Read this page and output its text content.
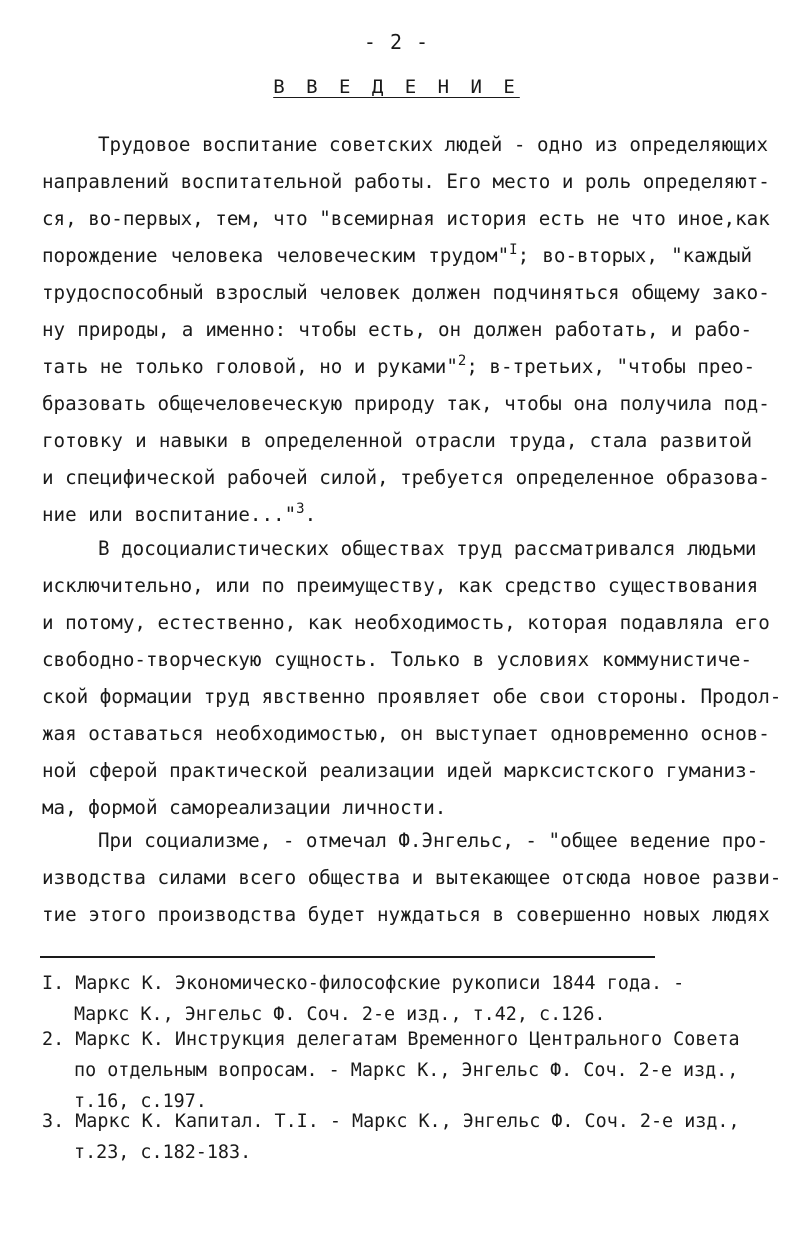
- 2 -
В В Е Д Е Н И Е
Трудовое воспитание советских людей - одно из определяющих
направлений воспитательной работы. Его место и роль определяют-
ся, во-первых, тем, что "всемирная история есть не что иное,как
порождение человека человеческим трудом"$^I$; во-вторых, "каждый
трудоспособный взрослый человек должен подчиняться общему зако-
ну природы, а именно: чтобы есть, он должен работать, и рабо-
тать не только головой, но и руками"$^2$; в-третьих, "чтобы прео-
бразовать общечеловеческую природу так, чтобы она получила под-
готовку и навыки в определенной отрасли труда, стала развитой
и специфической рабочей силой, требуется определенное образова-
ние или воспитание..."$^3$.
В досоциалистических обществах труд рассматривался людьми
исключительно, или по преимуществу, как средство существования
и потому, естественно, как необходимость, которая подавляла его
свободно-творческую сущность. Только в условиях коммунистиче-
ской формации труд явственно проявляет обе свои стороны. Продол-
жая оставаться необходимостью, он выступает одновременно основ-
ной сферой практической реализации идей марксистского гуманиз-
ма, формой самореализации личности.
При социализме, - отмечал Ф.Энгельс, - "общее ведение про-
изводства силами всего общества и вытекающее отсюда новое разви-
тие этого производства будет нуждаться в совершенно новых людях
I. Маркс К. Экономическо-философские рукописи 1844 года. -
Маркс К., Энгельс Ф. Соч. 2-е изд., т.42, с.126.
2. Маркс К. Инструкция делегатам Временного Центрального Совета
по отдельным вопросам. - Маркс К., Энгельс Ф. Соч. 2-е изд.,
т.16, с.197.
3. Маркс К. Капитал. Т.I. - Маркс К., Энгельс Ф. Соч. 2-е изд.,
т.23, с.182-183.
